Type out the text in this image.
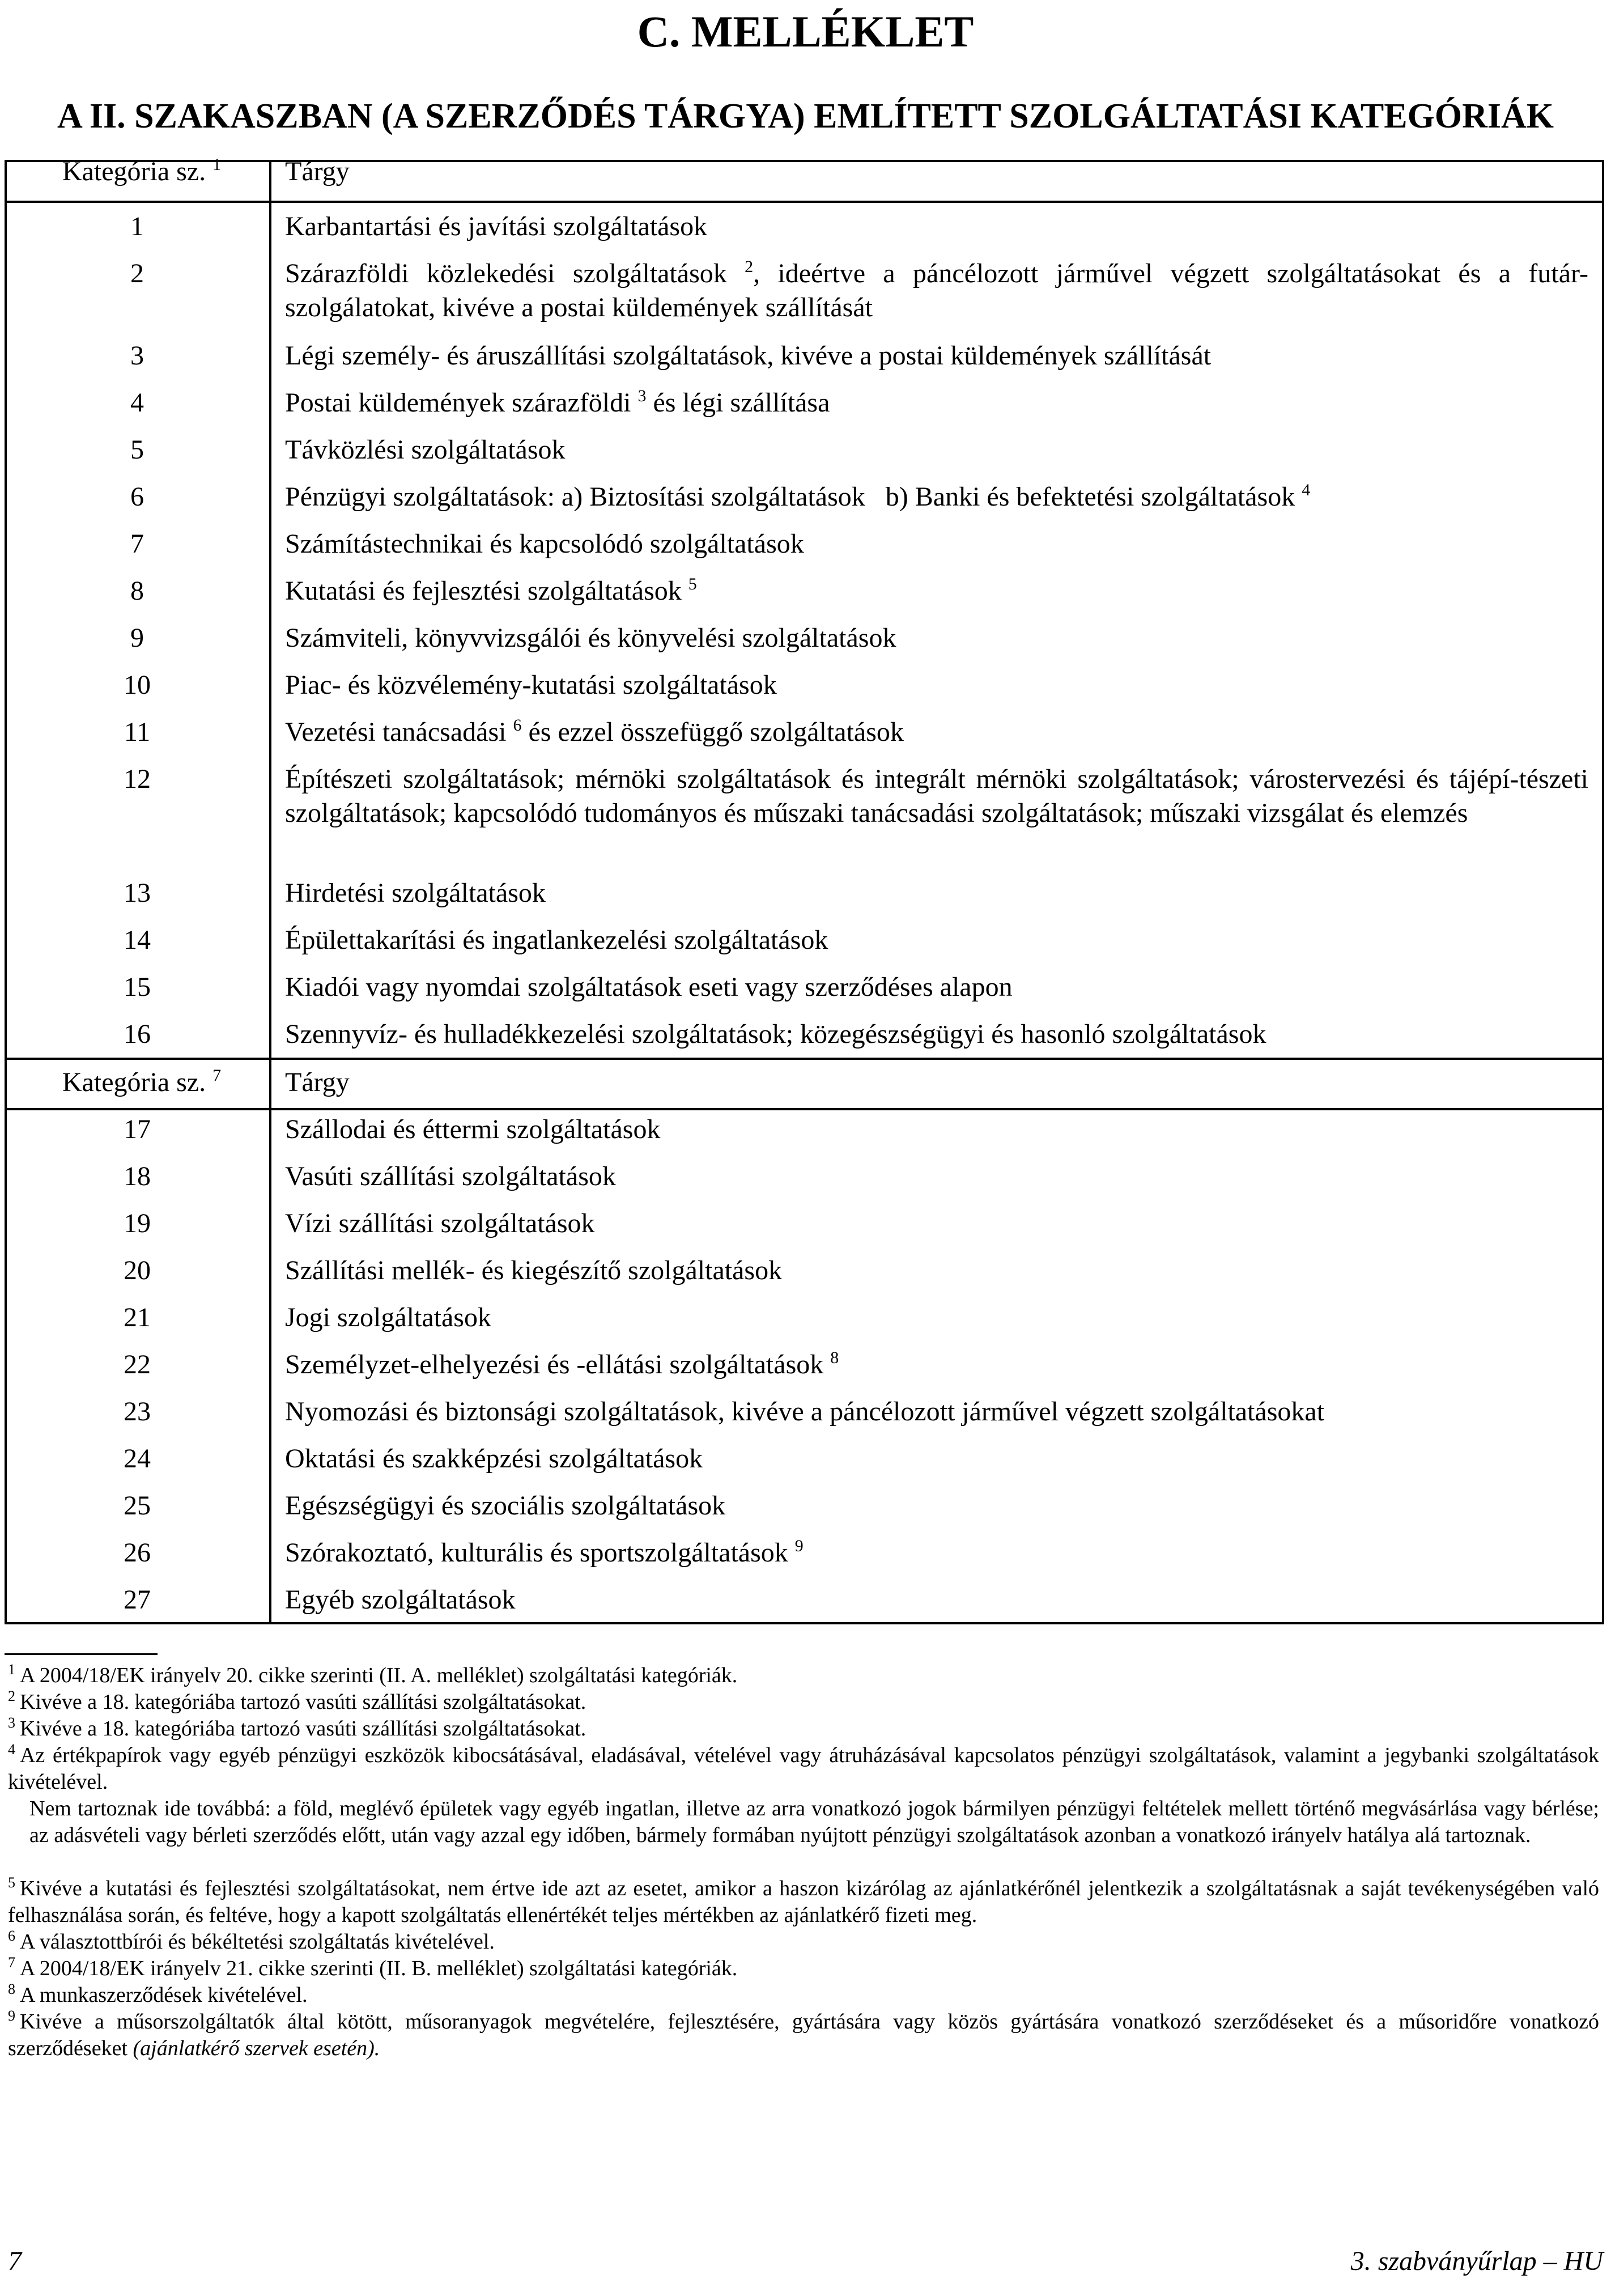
C. MELLÉKLET
A II. SZAKASZBAN (A SZERZŐDÉS TÁRGYA) EMLÍTETT SZOLGÁLTATÁSI KATEGÓRIÁK
Kategória sz. $^1$	Tárgy
1	Karbantartási és javítási szolgáltatások
2	Szárazföldi közlekedési szolgáltatások $^2$, ideértve a páncélozott járművel végzett szolgáltatásokat és a futár-szolgálatokat, kivéve a postai küldemények szállítását
3	Légi személy- és áruszállítási szolgáltatások, kivéve a postai küldemények szállítását
4	Postai küldemények szárazföldi $^3$ és légi szállítása
5	Távközlési szolgáltatások
6	Pénzügyi szolgáltatások: a) Biztosítási szolgáltatások   b) Banki és befektetési szolgáltatások $^4$
7	Számítástechnikai és kapcsolódó szolgáltatások
8	Kutatási és fejlesztési szolgáltatások $^5$
9	Számviteli, könyvvizsgálói és könyvelési szolgáltatások
10	Piac- és közvélemény-kutatási szolgáltatások
11	Vezetési tanácsadási $^6$ és ezzel összefüggő szolgáltatások
12	Építészeti szolgáltatások; mérnöki szolgáltatások és integrált mérnöki szolgáltatások; várostervezési és tájépí-tészeti szolgáltatások; kapcsolódó tudományos és műszaki tanácsadási szolgáltatások; műszaki vizsgálat és elemzés
13	Hirdetési szolgáltatások
14	Épülettakarítási és ingatlankezelési szolgáltatások
15	Kiadói vagy nyomdai szolgáltatások eseti vagy szerződéses alapon
16	Szennyvíz- és hulladékkezelési szolgáltatások; közegészségügyi és hasonló szolgáltatások
Kategória sz. $^7$	Tárgy
17	Szállodai és éttermi szolgáltatások
18	Vasúti szállítási szolgáltatások
19	Vízi szállítási szolgáltatások
20	Szállítási mellék- és kiegészítő szolgáltatások
21	Jogi szolgáltatások
22	Személyzet-elhelyezési és -ellátási szolgáltatások $^8$
23	Nyomozási és biztonsági szolgáltatások, kivéve a páncélozott járművel végzett szolgáltatásokat
24	Oktatási és szakképzési szolgáltatások
25	Egészségügyi és szociális szolgáltatások
26	Szórakoztató, kulturális és sportszolgáltatások $^9$
27	Egyéb szolgáltatások
$^1$ A 2004/18/EK irányelv 20. cikke szerinti (II. A. melléklet) szolgáltatási kategóriák.
$^2$ Kivéve a 18. kategóriába tartozó vasúti szállítási szolgáltatásokat.
$^3$ Kivéve a 18. kategóriába tartozó vasúti szállítási szolgáltatásokat.
$^4$ Az értékpapírok vagy egyéb pénzügyi eszközök kibocsátásával, eladásával, vételével vagy átruházásával kapcsolatos pénzügyi szolgáltatások, valamint a jegybanki szolgáltatások kivételével.
Nem tartoznak ide továbbá: a föld, meglévő épületek vagy egyéb ingatlan, illetve az arra vonatkozó jogok bármilyen pénzügyi feltételek mellett történő megvásárlása vagy bérlése; az adásvételi vagy bérleti szerződés előtt, után vagy azzal egy időben, bármely formában nyújtott pénzügyi szolgáltatások azonban a vonatkozó irányelv hatálya alá tartoznak.
$^5$ Kivéve a kutatási és fejlesztési szolgáltatásokat, nem értve ide azt az esetet, amikor a haszon kizárólag az ajánlatkérőnél jelentkezik a szolgáltatásnak a saját tevékenységében való felhasználása során, és feltéve, hogy a kapott szolgáltatás ellenértékét teljes mértékben az ajánlatkérő fizeti meg.
$^6$ A választottbírói és békéltetési szolgáltatás kivételével.
$^7$ A 2004/18/EK irányelv 21. cikke szerinti (II. B. melléklet) szolgáltatási kategóriák.
$^8$ A munkaszerződések kivételével.
$^9$ Kivéve a műsorszolgáltatók által kötött, műsoranyagok megvételére, fejlesztésére, gyártására vagy közös gyártására vonatkozó szerződéseket és a műsoridőre vonatkozó szerződéseket (ajánlatkérő szervek esetén).
7	3. szabványűrlap – HU
